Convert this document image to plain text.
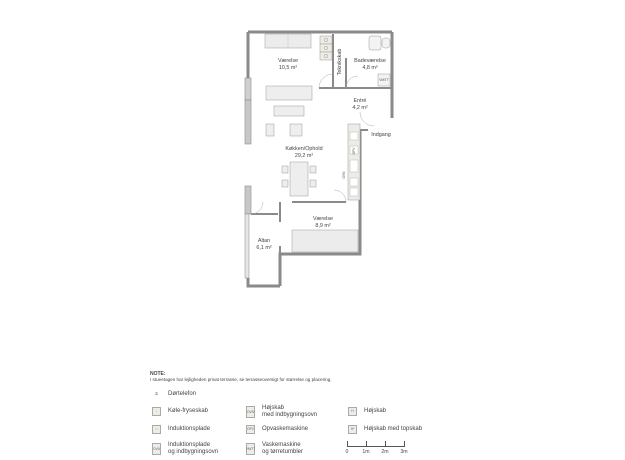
Værelse
10,5 m²	Teknikskab Badeværelse
4,8 m²
VM/TT
Entré
4,2 m²
Indgang
Køkken/Ophold
29,2 m²
OPV
OVN
Værelse
8,9 m²
Altan
6,1 m²
NOTE:
I stueetagen har lejligheden privat terrasse, se terrasseoversigt for størrelse og placering.
⌅	Dørtelefon
▫	Køle-fryseskab
∷	Induktionsplade
OVN
Induktionsplade
og indbygningsovn
OVN
Højskab
med indbygningsovn
OPV Opvaskemaskine
VM/TT
Vaskemaskine
og tørretumbler
H	Højskab
H*	Højskab med topskab
0	1m 2m 3m
